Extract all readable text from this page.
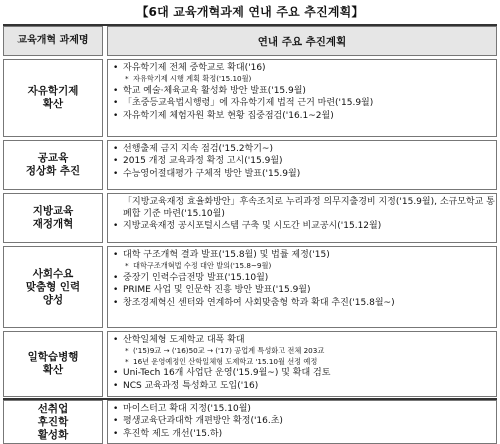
【6대 교육개혁과제 연내 주요 추진계획】
교육개혁 과제명	연내 주요 추진계획
자유학기제
확산
• 자유학기제 전체 중학교로 확대('16)
* 자유학기제 시행 계획 확정('15.10월)
• 학교 예술·체육교육 활성화 방안 발표('15.9월)
• 「초중등교육법시행령」에 자유학기제 법적 근거 마련('15.9월)
• 자유학기제 체험자원 확보 현황 집중점검('16.1~2월)
공교육
정상화 추진
• 선행출제 금지 지속 점검('15.2학기~)
• 2015 개정 교육과정 확정 고시('15.9월)
• 수능영어절대평가 구체적 방안 발표('15.9월)
지방교육
재정개혁
• 「지방교육재정 효율화방안」후속조치로 누리과정 의무지출경비 지정('15.9월), 소규모학교 통폐합 기준 마련('15.10월)
• 지방교육재정 공시포털시스템 구축 및 시도간 비교공시('15.12월)
사회수요
맞춤형 인력
양성
• 대학 구조개혁 결과 발표('15.8월) 및 법률 제정('15)
* 대학구조개혁법 수정 대안 발의('15.8~9월)
• 중장기 인력수급전망 발표('15.10월)
• PRIME 사업 및 인문학 진흥 방안 발표('15.9월)
• 창조경제혁신 센터와 연계하여 사회맞춤형 학과 확대 추진('15.8월~)
일학습병행
확산
• 산학일체형 도제학교 대폭 확대
* ('15)9교 → ('16)50교 → ('17) 공업계 특성화고 전체 203교
* 16년 운영예정인 산학일체형 도제학교 '15.10월 선정 예정
• Uni-Tech 16개 사업단 운영('15.9월~) 및 확대 검토
• NCS 교육과정 특성화고 도입('16)
선취업
후진학
활성화
• 마이스터고 확대 지정('15.10월)
• 평생교육단과대학 개편방안 확정('16.초)
• 후진학 제도 개선('15.하)
